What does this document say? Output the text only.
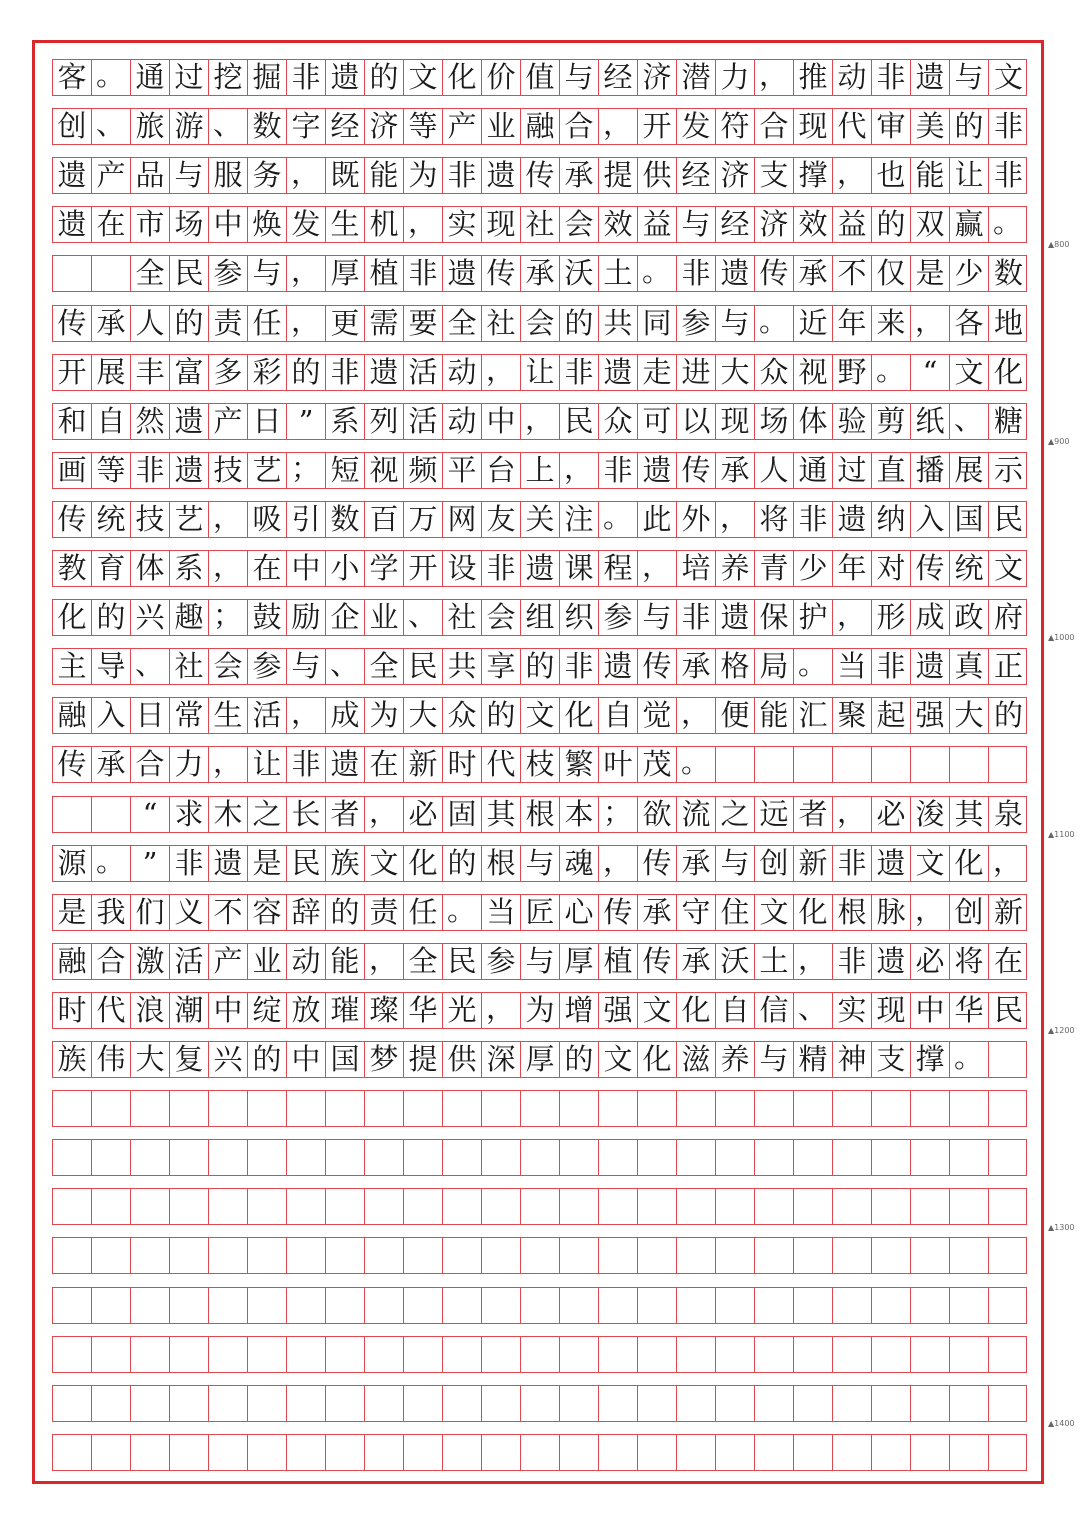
客 。 通 过 挖 掘 非 遗 的 文 化 价 值 与 经 济 潜 力 ， 推 动 非 遗 与 文
创 、 旅 游 、 数 字 经 济 等 产 业 融 合 ， 开 发 符 合 现 代 审 美 的 非
遗 产 品 与 服 务 ， 既 能 为 非 遗 传 承 提 供 经 济 支 撑 ， 也 能 让 非
遗 在 市 场 中 焕 发 生 机 ， 实 现 社 会 效 益 与 经 济 效 益 的 双 赢 。
全 民 参 与 ， 厚 植 非 遗 传 承 沃 土 。 非 遗 传 承 不 仅 是 少 数
传 承 人 的 责 任 ， 更 需 要 全 社 会 的 共 同 参 与 。 近 年 来 ， 各 地
开 展 丰 富 多 彩 的 非 遗 活 动 ， 让 非 遗 走 进 大 众 视 野 。 “ 文 化
和 自 然 遗 产 日 ” 系 列 活 动 中 ， 民 众 可 以 现 场 体 验 剪 纸 、 糖
画 等 非 遗 技 艺 ； 短 视 频 平 台 上 ， 非 遗 传 承 人 通 过 直 播 展 示
传 统 技 艺 ， 吸 引 数 百 万 网 友 关 注 。 此 外 ， 将 非 遗 纳 入 国 民
教 育 体 系 ， 在 中 小 学 开 设 非 遗 课 程 ， 培 养 青 少 年 对 传 统 文
化 的 兴 趣 ； 鼓 励 企 业 、 社 会 组 织 参 与 非 遗 保 护 ， 形 成 政 府
主 导 、 社 会 参 与 、 全 民 共 享 的 非 遗 传 承 格 局 。 当 非 遗 真 正
融 入 日 常 生 活 ， 成 为 大 众 的 文 化 自 觉 ， 便 能 汇 聚 起 强 大 的
传 承 合 力 ， 让 非 遗 在 新 时 代 枝 繁 叶 茂 。
“ 求 木 之 长 者 ， 必 固 其 根 本 ； 欲 流 之 远 者 ， 必 浚 其 泉
源 。 ” 非 遗 是 民 族 文 化 的 根 与 魂 ， 传 承 与 创 新 非 遗 文 化 ，
是 我 们 义 不 容 辞 的 责 任 。 当 匠 心 传 承 守 住 文 化 根 脉 ， 创 新
融 合 激 活 产 业 动 能 ， 全 民 参 与 厚 植 传 承 沃 土 ， 非 遗 必 将 在
时 代 浪 潮 中 绽 放 璀 璨 华 光 ， 为 增 强 文 化 自 信 、 实 现 中 华 民
族 伟 大 复 兴 的 中 国 梦 提 供 深 厚 的 文 化 滋 养 与 精 神 支 撑 。
▲800
▲900
▲1000
▲1100
▲1200
▲1300
▲1400
